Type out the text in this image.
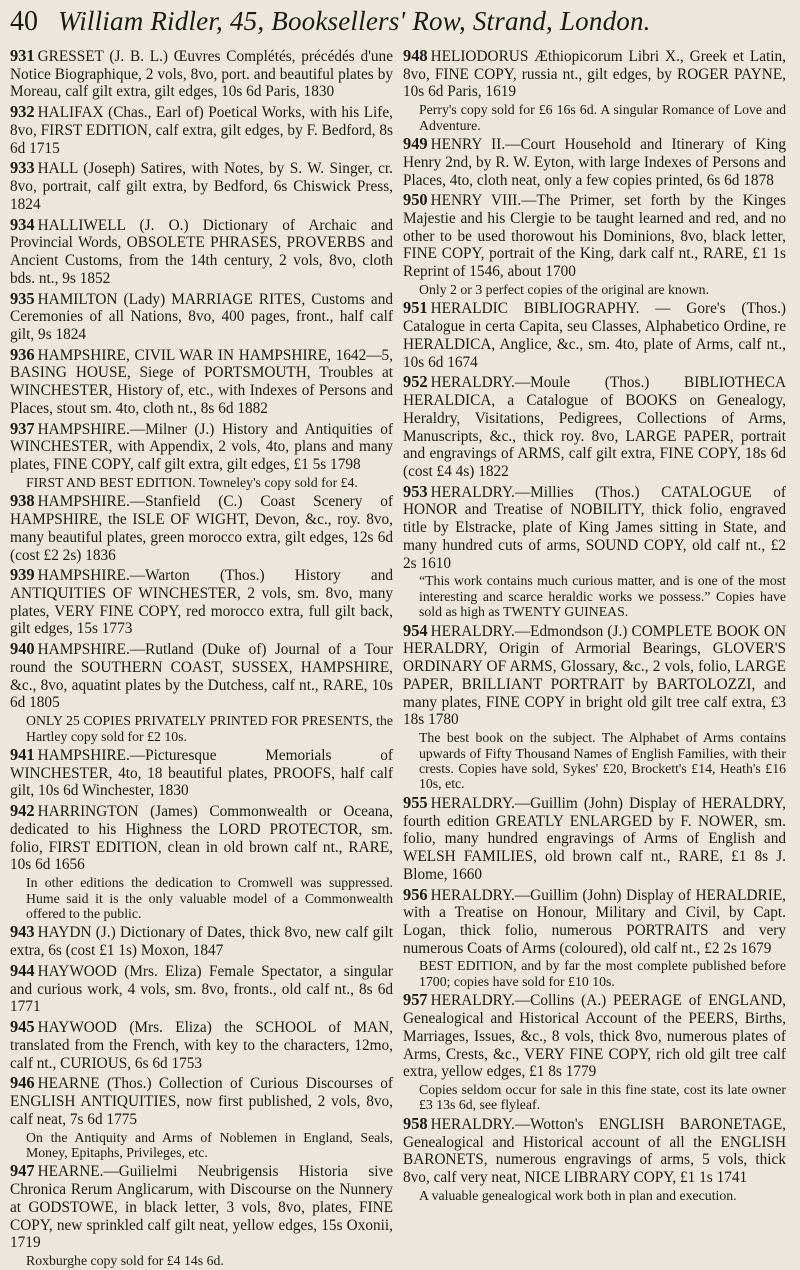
40 William Ridler, 45, Booksellers' Row, Strand, London.

931 GRESSET (J. B. L.) Œuvres Complétés, précédés d'une Notice Biographique, 2 vols, 8vo, port. and beautiful plates by Moreau, calf gilt extra, gilt edges, 10s 6d Paris, 1830

932 HALIFAX (Chas., Earl of) Poetical Works, with his Life, 8vo, FIRST EDITION, calf extra, gilt edges, by F. Bedford, 8s 6d 1715

933 HALL (Joseph) Satires, with Notes, by S. W. Singer, cr. 8vo, portrait, calf gilt extra, by Bedford, 6s Chiswick Press, 1824

934 HALLIWELL (J. O.) Dictionary of Archaic and Provincial Words, OBSOLETE PHRASES, PROVERBS and Ancient Customs, from the 14th century, 2 vols, 8vo, cloth bds. nt., 9s 1852

935 HAMILTON (Lady) MARRIAGE RITES, Customs and Ceremonies of all Nations, 8vo, 400 pages, front., half calf gilt, 9s 1824

936 HAMPSHIRE, CIVIL WAR IN HAMPSHIRE, 1642—5, BASING HOUSE, Siege of PORTSMOUTH, Troubles at WINCHESTER, History of, etc., with Indexes of Persons and Places, stout sm. 4to, cloth nt., 8s 6d 1882

937 HAMPSHIRE.—Milner (J.) History and Antiquities of WINCHESTER, with Appendix, 2 vols, 4to, plans and many plates, FINE COPY, calf gilt extra, gilt edges, £1 5s 1798

FIRST AND BEST EDITION. Towneley's copy sold for £4.

938 HAMPSHIRE.—Stanfield (C.) Coast Scenery of HAMPSHIRE, the ISLE OF WIGHT, Devon, &c., roy. 8vo, many beautiful plates, green morocco extra, gilt edges, 12s 6d (cost £2 2s) 1836

939 HAMPSHIRE.—Warton (Thos.) History and ANTIQUITIES OF WINCHESTER, 2 vols, sm. 8vo, many plates, VERY FINE COPY, red morocco extra, full gilt back, gilt edges, 15s 1773

940 HAMPSHIRE.—Rutland (Duke of) Journal of a Tour round the SOUTHERN COAST, SUSSEX, HAMPSHIRE, &c., 8vo, aquatint plates by the Dutchess, calf nt., RARE, 10s 6d 1805

ONLY 25 COPIES PRIVATELY PRINTED FOR PRESENTS, the Hartley copy sold for £2 10s.

941 HAMPSHIRE.—Picturesque Memorials of WINCHESTER, 4to, 18 beautiful plates, PROOFS, half calf gilt, 10s 6d Winchester, 1830

942 HARRINGTON (James) Commonwealth or Oceana, dedicated to his Highness the LORD PROTECTOR, sm. folio, FIRST EDITION, clean in old brown calf nt., RARE, 10s 6d 1656

In other editions the dedication to Cromwell was suppressed. Hume said it is the only valuable model of a Commonwealth offered to the public.

943 HAYDN (J.) Dictionary of Dates, thick 8vo, new calf gilt extra, 6s (cost £1 1s) Moxon, 1847

944 HAYWOOD (Mrs. Eliza) Female Spectator, a singular and curious work, 4 vols, sm. 8vo, fronts., old calf nt., 8s 6d 1771

945 HAYWOOD (Mrs. Eliza) the SCHOOL of MAN, translated from the French, with key to the characters, 12mo, calf nt., CURIOUS, 6s 6d 1753

946 HEARNE (Thos.) Collection of Curious Discourses of ENGLISH ANTIQUITIES, now first published, 2 vols, 8vo, calf neat, 7s 6d 1775

On the Antiquity and Arms of Noblemen in England, Seals, Money, Epitaphs, Privileges, etc.

947 HEARNE.—Guilielmi Neubrigensis Historia sive Chronica Rerum Anglicarum, with Discourse on the Nunnery at GODSTOWE, in black letter, 3 vols, 8vo, plates, FINE COPY, new sprinkled calf gilt neat, yellow edges, 15s Oxonii, 1719

Roxburghe copy sold for £4 14s 6d.

948 HELIODORUS Æthiopicorum Libri X., Greek et Latin, 8vo, FINE COPY, russia nt., gilt edges, by ROGER PAYNE, 10s 6d Paris, 1619

Perry's copy sold for £6 16s 6d. A singular Romance of Love and Adventure.

949 HENRY II.—Court Household and Itinerary of King Henry 2nd, by R. W. Eyton, with large Indexes of Persons and Places, 4to, cloth neat, only a few copies printed, 6s 6d 1878

950 HENRY VIII.—The Primer, set forth by the Kinges Majestie and his Clergie to be taught learned and red, and no other to be used thorowout his Dominions, 8vo, black letter, FINE COPY, portrait of the King, dark calf nt., RARE, £1 1s Reprint of 1546, about 1700

Only 2 or 3 perfect copies of the original are known.

951 HERALDIC BIBLIOGRAPHY. — Gore's (Thos.) Catalogue in certa Capita, seu Classes, Alphabetico Ordine, re HERALDICA, Anglice, &c., sm. 4to, plate of Arms, calf nt., 10s 6d 1674

952 HERALDRY.—Moule (Thos.) BIBLIOTHECA HERALDICA, a Catalogue of BOOKS on Genealogy, Heraldry, Visitations, Pedigrees, Collections of Arms, Manuscripts, &c., thick roy. 8vo, LARGE PAPER, portrait and engravings of ARMS, calf gilt extra, FINE COPY, 18s 6d (cost £4 4s) 1822

953 HERALDRY.—Millies (Thos.) CATALOGUE of HONOR and Treatise of NOBILITY, thick folio, engraved title by Elstracke, plate of King James sitting in State, and many hundred cuts of arms, SOUND COPY, old calf nt., £2 2s 1610

“This work contains much curious matter, and is one of the most interesting and scarce heraldic works we possess.” Copies have sold as high as TWENTY GUINEAS.

954 HERALDRY.—Edmondson (J.) COMPLETE BOOK ON HERALDRY, Origin of Armorial Bearings, GLOVER'S ORDINARY OF ARMS, Glossary, &c., 2 vols, folio, LARGE PAPER, BRILLIANT PORTRAIT by BARTOLOZZI, and many plates, FINE COPY in bright old gilt tree calf extra, £3 18s 1780

The best book on the subject. The Alphabet of Arms contains upwards of Fifty Thousand Names of English Families, with their crests. Copies have sold, Sykes' £20, Brockett's £14, Heath's £16 10s, etc.

955 HERALDRY.—Guillim (John) Display of HERALDRY, fourth edition GREATLY ENLARGED by F. NOWER, sm. folio, many hundred engravings of Arms of English and WELSH FAMILIES, old brown calf nt., RARE, £1 8s J. Blome, 1660

956 HERALDRY.—Guillim (John) Display of HERALDRIE, with a Treatise on Honour, Military and Civil, by Capt. Logan, thick folio, numerous PORTRAITS and very numerous Coats of Arms (coloured), old calf nt., £2 2s 1679

BEST EDITION, and by far the most complete published before 1700; copies have sold for £10 10s.

957 HERALDRY.—Collins (A.) PEERAGE of ENGLAND, Genealogical and Historical Account of the PEERS, Births, Marriages, Issues, &c., 8 vols, thick 8vo, numerous plates of Arms, Crests, &c., VERY FINE COPY, rich old gilt tree calf extra, yellow edges, £1 8s 1779

Copies seldom occur for sale in this fine state, cost its late owner £3 13s 6d, see flyleaf.

958 HERALDRY.—Wotton's ENGLISH BARONETAGE, Genealogical and Historical account of all the ENGLISH BARONETS, numerous engravings of arms, 5 vols, thick 8vo, calf very neat, NICE LIBRARY COPY, £1 1s 1741

A valuable genealogical work both in plan and execution.
